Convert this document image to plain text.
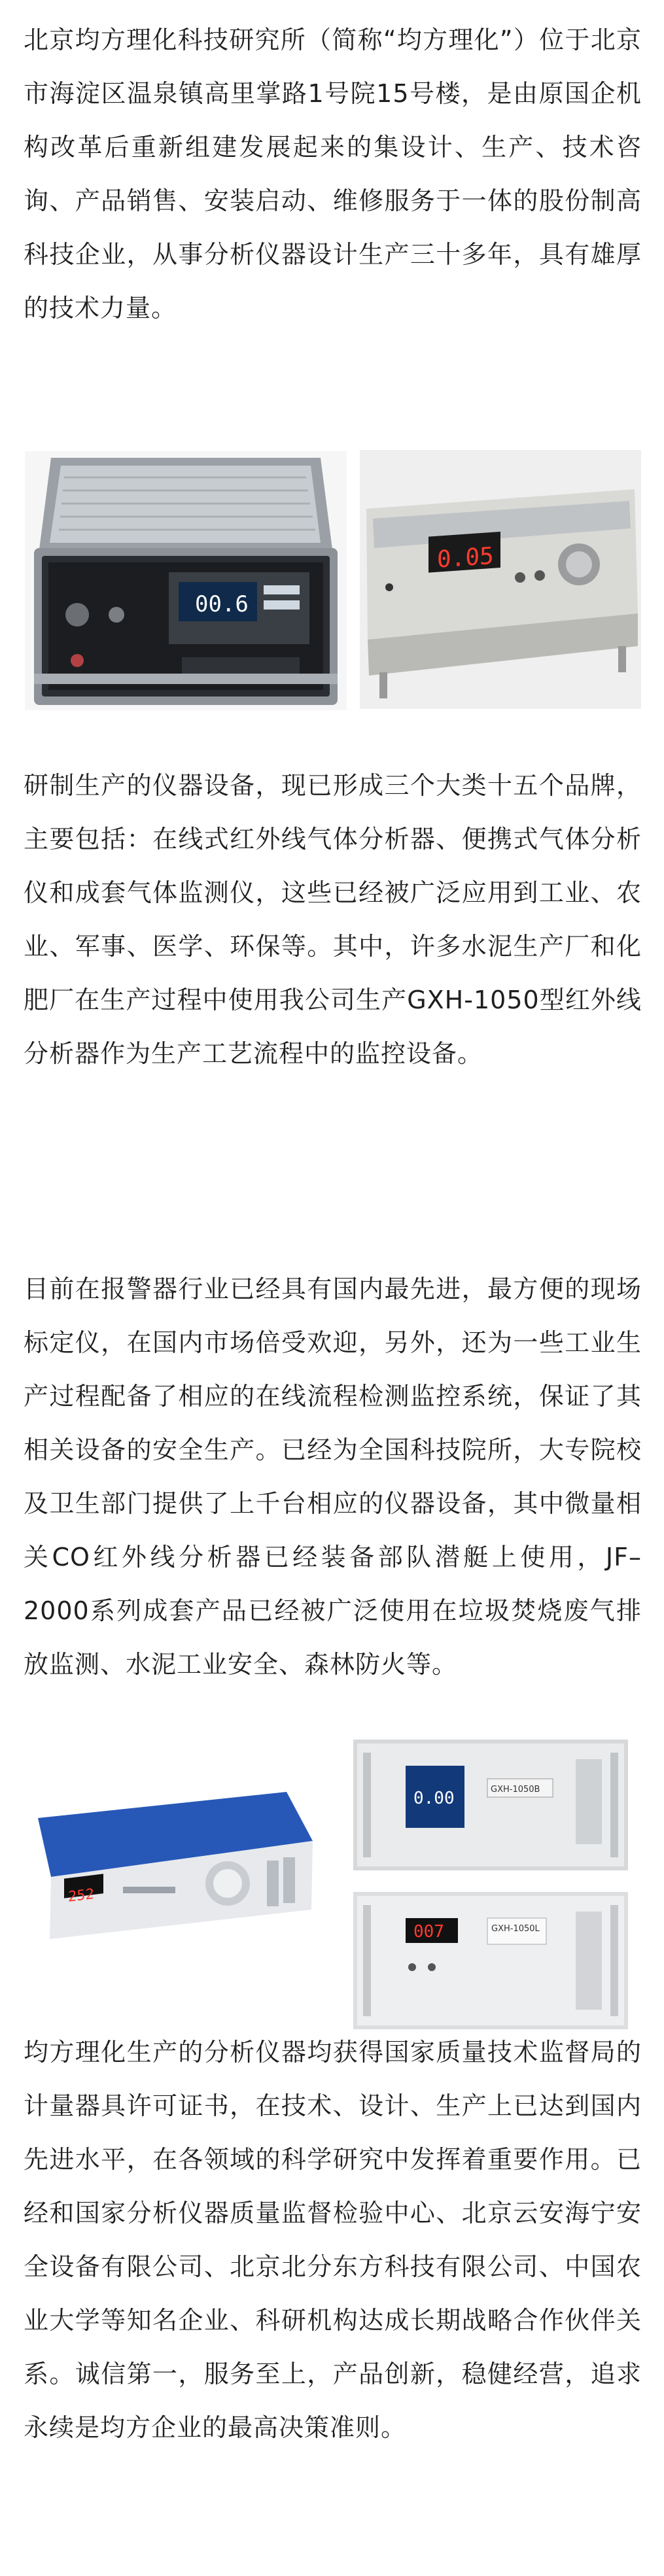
北京均方理化科技研究所（简称“均方理化”）位于北京市海淀区温泉镇高里掌路1号院15号楼，是由原国企机构改革后重新组建发展起来的集设计、生产、技术咨询、产品销售、安装启动、维修服务于一体的股份制高科技企业，从事分析仪器设计生产三十多年，具有雄厚的技术力量。

00.6
0.05

研制生产的仪器设备，现已形成三个大类十五个品牌，主要包括：在线式红外线气体分析器、便携式气体分析仪和成套气体监测仪，这些已经被广泛应用到工业、农业、军事、医学、环保等。其中，许多水泥生产厂和化肥厂在生产过程中使用我公司生产GXH-1050型红外线分析器作为生产工艺流程中的监控设备。

目前在报警器行业已经具有国内最先进，最方便的现场标定仪，在国内市场倍受欢迎，另外，还为一些工业生产过程配备了相应的在线流程检测监控系统，保证了其相关设备的安全生产。已经为全国科技院所，大专院校及卫生部门提供了上千台相应的仪器设备，其中微量相关CO红外线分析器已经装备部队潜艇上使用，JF–2000系列成套产品已经被广泛使用在垃圾焚烧废气排放监测、水泥工业安全、森林防火等。

252
0.00	GXH-1050B
007	GXH-1050L

均方理化生产的分析仪器均获得国家质量技术监督局的计量器具许可证书，在技术、设计、生产上已达到国内先进水平，在各领域的科学研究中发挥着重要作用。已经和国家分析仪器质量监督检验中心、北京云安海宁安全设备有限公司、北京北分东方科技有限公司、中国农业大学等知名企业、科研机构达成长期战略合作伙伴关系。诚信第一，服务至上，产品创新，稳健经营，追求永续是均方企业的最高决策准则。
